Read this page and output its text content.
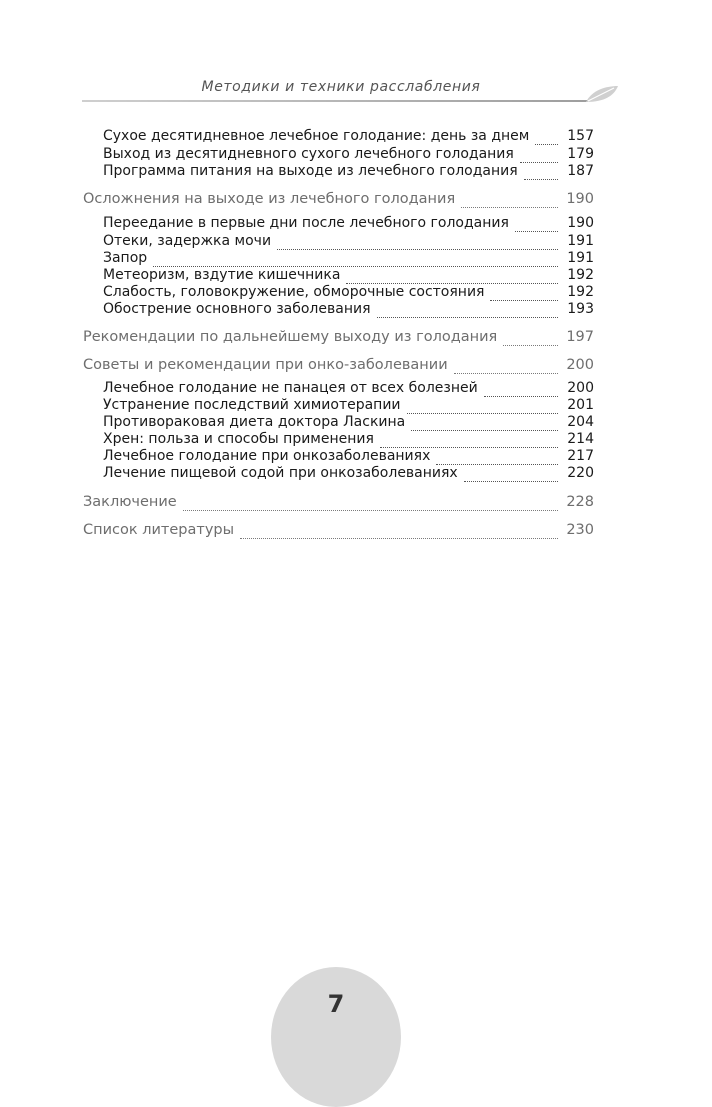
Методики и техники расслабления
Сухое десятидневное лечебное голодание: день за днем	157
Выход из десятидневного сухого лечебного голодания	179
Программа питания на выходе из лечебного голодания	187
Осложнения на выходе из лечебного голодания	190
Переедание в первые дни после лечебного голодания	190
Отеки, задержка мочи	191
Запор	191
Метеоризм, вздутие кишечника	192
Слабость, головокружение, обморочные состояния	192
Обострение основного заболевания	193
Рекомендации по дальнейшему выходу из голодания	197
Советы и рекомендации при онко-заболевании	200
Лечебное голодание не панацея от всех болезней	200
Устранение последствий химиотерапии	201
Противораковая диета доктора Ласкина	204
Хрен: польза и способы применения	214
Лечебное голодание при онкозаболеваниях	217
Лечение пищевой содой при онкозаболеваниях	220
Заключение	228
Список литературы	230
7
